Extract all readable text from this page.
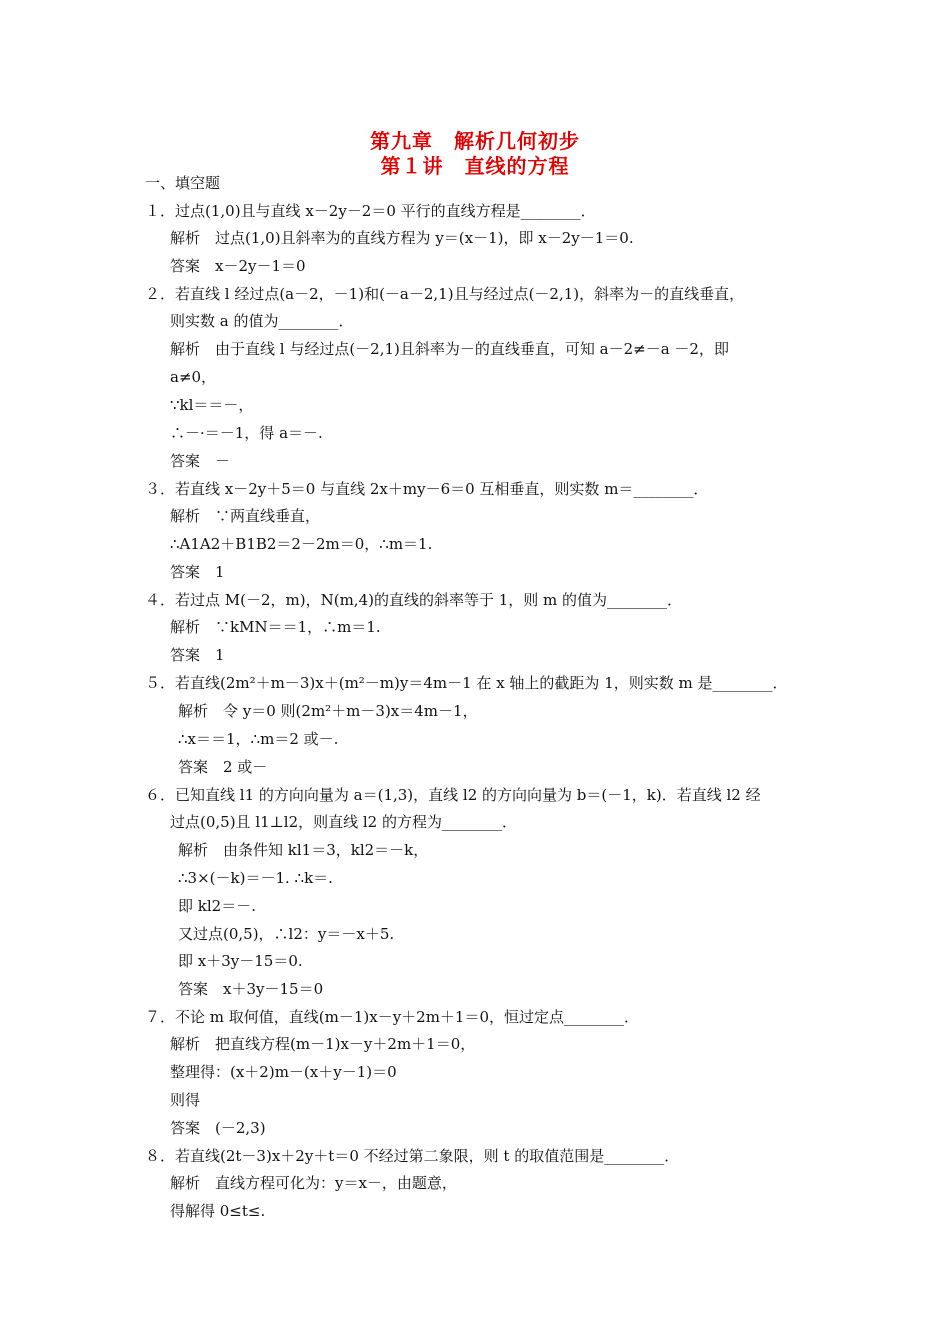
第九章　解析几何初步
第１讲　直线的方程
一、填空题
１．过点(1,0)且与直线 x－2y－2＝0 平行的直线方程是________．
解析　过点(1,0)且斜率为的直线方程为 y＝(x－1)，即 x－2y－1＝0.
答案　x－2y－1＝0
２．若直线 l 经过点(a－2，－1)和(－a－2,1)且与经过点(－2,1)，斜率为－的直线垂直，
则实数 a 的值为________．
解析　由于直线 l 与经过点(－2,1)且斜率为－的直线垂直，可知 a－2≠－a －2，即
a≠0，
∵kl＝＝－，
∴－·＝－1，得 a＝－.
答案　－
３．若直线 x－2y＋5＝0 与直线 2x＋my－6＝0 互相垂直，则实数 m＝________．
解析　∵两直线垂直，
∴A1A2＋B1B2＝2－2m＝0，∴m＝1.
答案　1
４．若过点 M(－2，m)，N(m,4)的直线的斜率等于 1，则 m 的值为________．
解析　∵kMN＝＝1，∴m＝1.
答案　1
５．若直线(2m²＋m－3)x＋(m²－m)y＝4m－1 在 x 轴上的截距为 1，则实数 m 是________．
解析　令 y＝0 则(2m²＋m－3)x＝4m－1，
∴x＝＝1，∴m＝2 或－.
答案　2 或－
６．已知直线 l1 的方向向量为 a＝(1,3)，直线 l2 的方向向量为 b＝(－1，k)．若直线 l2 经
过点(0,5)且 l1⊥l2，则直线 l2 的方程为________．
解析　由条件知 kl1＝3，kl2＝－k，
∴3×(－k)＝－1. ∴k＝.
即 kl2＝－.
又过点(0,5)，∴l2：y＝－x＋5.
即 x＋3y－15＝0.
答案　x＋3y－15＝0
７．不论 m 取何值，直线(m－1)x－y＋2m＋1＝0，恒过定点________．
解析　把直线方程(m－1)x－y＋2m＋1＝0，
整理得：(x＋2)m－(x＋y－1)＝0
则得
答案　(－2,3)
８．若直线(2t－3)x＋2y＋t＝0 不经过第二象限，则 t 的取值范围是________．
解析　直线方程可化为：y＝x－，由题意，
得解得 0≤t≤.
